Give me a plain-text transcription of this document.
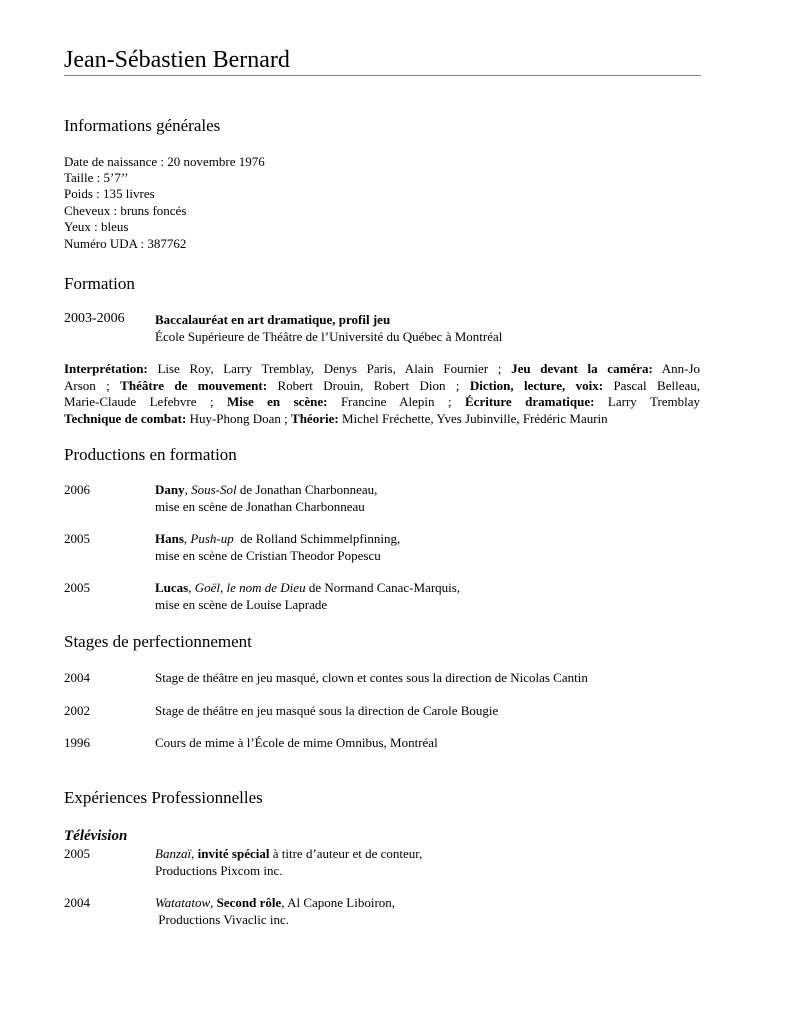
Jean-Sébastien Bernard
Informations générales
Date de naissance : 20 novembre 1976
Taille : 5’7’’
Poids : 135 livres
Cheveux : bruns foncés
Yeux : bleus
Numéro UDA : 387762
Formation
2003-2006 Baccalauréat en art dramatique, profil jeu
École Supérieure de Théâtre de l’Université du Québec à Montréal
Interprétation: Lise Roy, Larry Tremblay, Denys Paris, Alain Fournier ; Jeu devant la caméra: Ann-Jo
Arson ; Théâtre de mouvement: Robert Drouin, Robert Dion ; Diction, lecture, voix: Pascal Belleau,
Marie-Claude Lefebvre ; Mise en scène: Francine Alepin ; Écriture dramatique: Larry Tremblay
Technique de combat: Huy-Phong Doan ; Théorie: Michel Fréchette, Yves Jubinville, Frédéric Maurin
Productions en formation
2006	Dany, Sous-Sol de Jonathan Charbonneau,
mise en scène de Jonathan Charbonneau
2005	Hans, Push-up  de Rolland Schimmelpfinning,
mise en scène de Cristian Theodor Popescu
2005	Lucas, Goël, le nom de Dieu de Normand Canac-Marquis,
mise en scène de Louise Laprade
Stages de perfectionnement
2004	Stage de théâtre en jeu masqué, clown et contes sous la direction de Nicolas Cantin
2002	Stage de théâtre en jeu masqué sous la direction de Carole Bougie
1996	Cours de mime à l’École de mime Omnibus, Montréal
Expériences Professionnelles
Télévision
2005	Banzaï, invité spécial à titre d’auteur et de conteur,
Productions Pixcom inc.
2004	Watatatow, Second rôle, Al Capone Liboiron,
Productions Vivaclic inc.
